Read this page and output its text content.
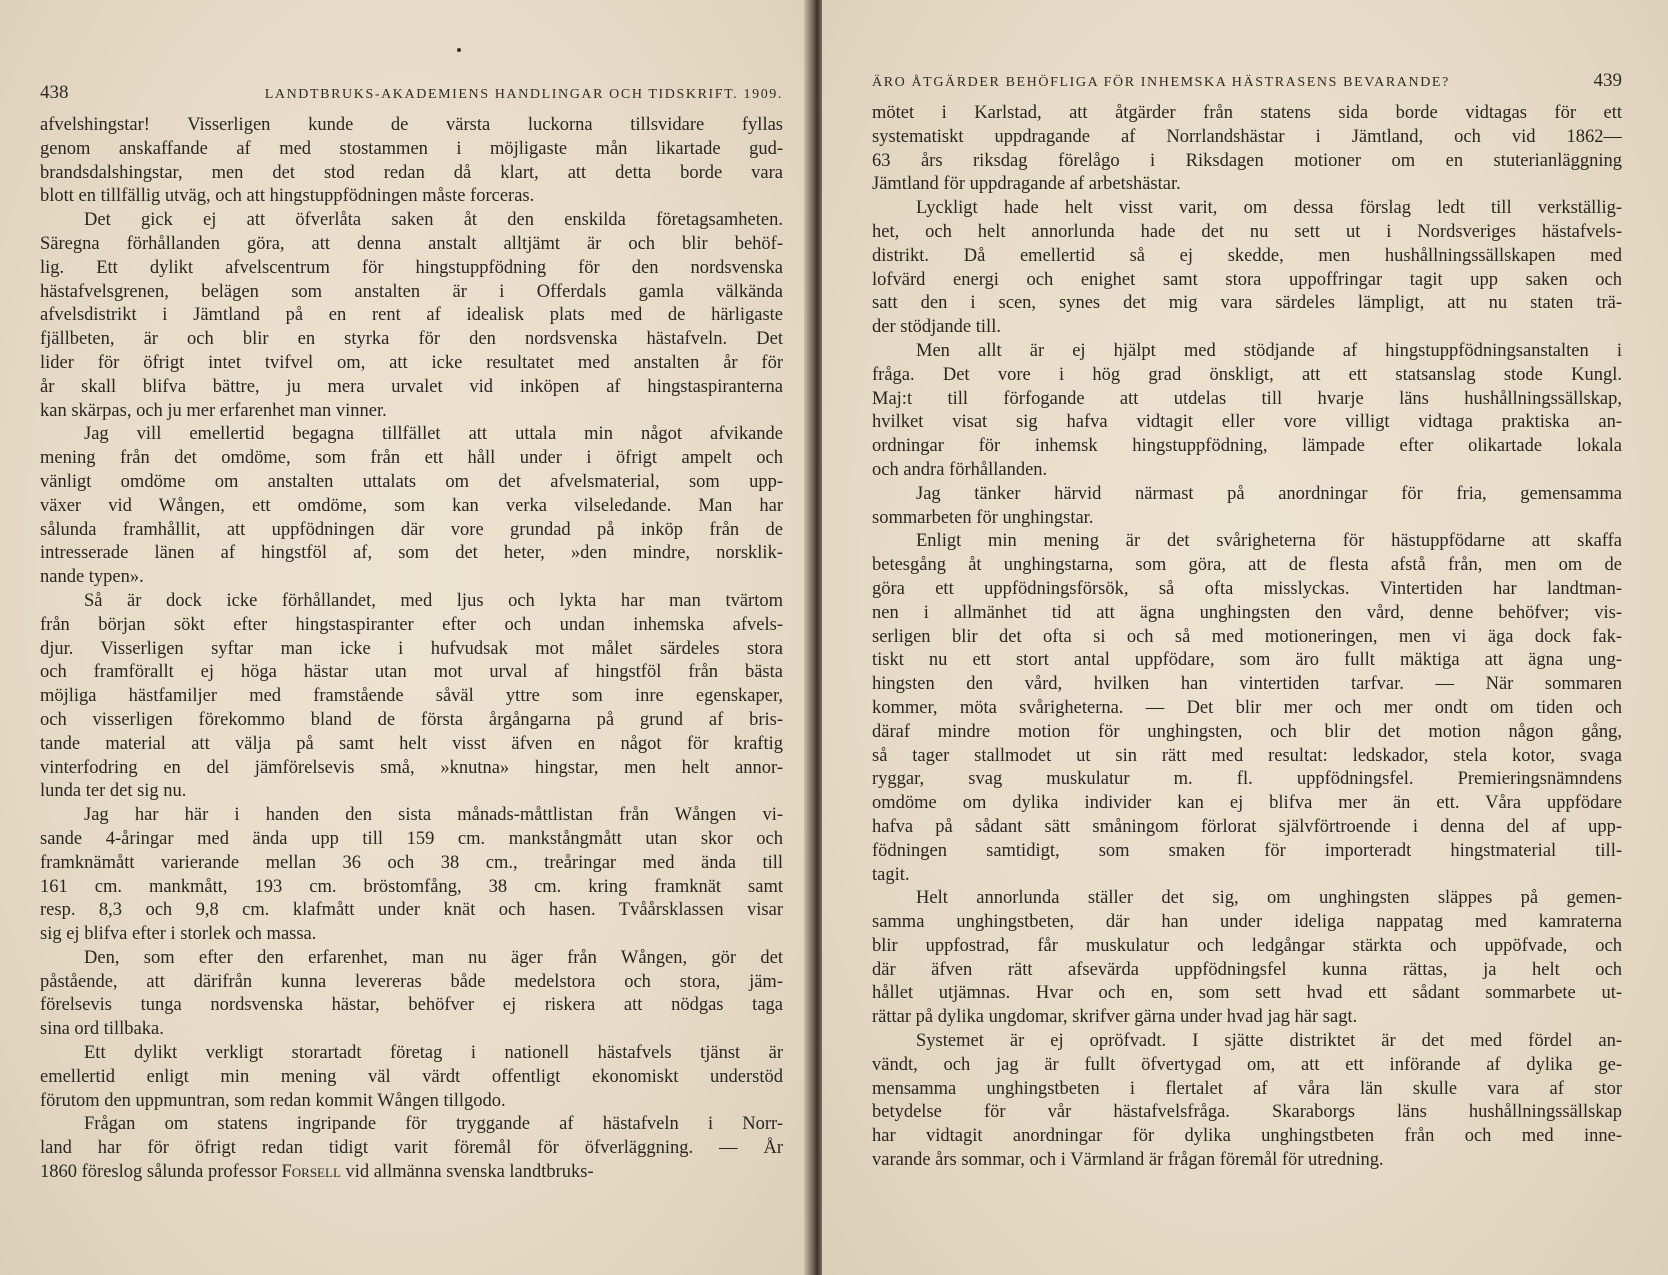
438	LANDTBRUKS-AKADEMIENS HANDLINGAR OCH TIDSKRIFT. 1909.
afvelshingstar! Visserligen kunde de värsta luckorna tillsvidare fyllas
genom anskaffande af med stostammen i möjligaste mån likartade gud-
brandsdalshingstar, men det stod redan då klart, att detta borde vara
blott en tillfällig utväg, och att hingstuppfödningen måste forceras.
Det gick ej att öfverlåta saken åt den enskilda företagsamheten.
Säregna förhållanden göra, att denna anstalt alltjämt är och blir behöf-
lig. Ett dylikt afvelscentrum för hingstuppfödning för den nordsvenska
hästafvelsgrenen, belägen som anstalten är i Offerdals gamla välkända
afvelsdistrikt i Jämtland på en rent af idealisk plats med de härligaste
fjällbeten, är och blir en styrka för den nordsvenska hästafveln. Det
lider för öfrigt intet tvifvel om, att icke resultatet med anstalten år för
år skall blifva bättre, ju mera urvalet vid inköpen af hingstaspiranterna
kan skärpas, och ju mer erfarenhet man vinner.
Jag vill emellertid begagna tillfället att uttala min något afvikande
mening från det omdöme, som från ett håll under i öfrigt ampelt och
vänligt omdöme om anstalten uttalats om det afvelsmaterial, som upp-
växer vid Wången, ett omdöme, som kan verka vilseledande. Man har
sålunda framhållit, att uppfödningen där vore grundad på inköp från de
intresserade länen af hingstföl af, som det heter, »den mindre, norsklik-
nande typen».
Så är dock icke förhållandet, med ljus och lykta har man tvärtom
från början sökt efter hingstaspiranter efter och undan inhemska afvels-
djur. Visserligen syftar man icke i hufvudsak mot målet särdeles stora
och framförallt ej höga hästar utan mot urval af hingstföl från bästa
möjliga hästfamiljer med framstående såväl yttre som inre egenskaper,
och visserligen förekommo bland de första årgångarna på grund af bris-
tande material att välja på samt helt visst äfven en något för kraftig
vinterfodring en del jämförelsevis små, »knutna» hingstar, men helt annor-
lunda ter det sig nu.
Jag har här i handen den sista månads-måttlistan från Wången vi-
sande 4-åringar med ända upp till 159 cm. mankstångmått utan skor och
framknämått varierande mellan 36 och 38 cm., treåringar med ända till
161 cm. mankmått, 193 cm. bröstomfång, 38 cm. kring framknät samt
resp. 8,3 och 9,8 cm. klafmått under knät och hasen. Tvåårsklassen visar
sig ej blifva efter i storlek och massa.
Den, som efter den erfarenhet, man nu äger från Wången, gör det
påstående, att därifrån kunna levereras både medelstora och stora, jäm-
förelsevis tunga nordsvenska hästar, behöfver ej riskera att nödgas taga
sina ord tillbaka.
Ett dylikt verkligt storartadt företag i nationell hästafvels tjänst är
emellertid enligt min mening väl värdt offentligt ekonomiskt understöd
förutom den uppmuntran, som redan kommit Wången tillgodo.
Frågan om statens ingripande för tryggande af hästafveln i Norr-
land har för öfrigt redan tidigt varit föremål för öfverläggning. — År
1860 föreslog sålunda professor Forsell vid allmänna svenska landtbruks-
ÄRO ÅTGÄRDER BEHÖFLIGA FÖR INHEMSKA HÄSTRASENS BEVARANDE?	439
mötet i Karlstad, att åtgärder från statens sida borde vidtagas för ett
systematiskt uppdragande af Norrlandshästar i Jämtland, och vid 1862—
63 års riksdag förelågo i Riksdagen motioner om en stuterianläggning
Jämtland för uppdragande af arbetshästar.
Lyckligt hade helt visst varit, om dessa förslag ledt till verkställig-
het, och helt annorlunda hade det nu sett ut i Nordsveriges hästafvels-
distrikt. Då emellertid så ej skedde, men hushållningssällskapen med
lofvärd energi och enighet samt stora uppoffringar tagit upp saken och
satt den i scen, synes det mig vara särdeles lämpligt, att nu staten trä-
der stödjande till.
Men allt är ej hjälpt med stödjande af hingstuppfödningsanstalten i
fråga. Det vore i hög grad önskligt, att ett statsanslag stode Kungl.
Maj:t till förfogande att utdelas till hvarje läns hushållningssällskap,
hvilket visat sig hafva vidtagit eller vore villigt vidtaga praktiska an-
ordningar för inhemsk hingstuppfödning, lämpade efter olikartade lokala
och andra förhållanden.
Jag tänker härvid närmast på anordningar för fria, gemensamma
sommarbeten för unghingstar.
Enligt min mening är det svårigheterna för hästuppfödarne att skaffa
betesgång åt unghingstarna, som göra, att de flesta afstå från, men om de
göra ett uppfödningsförsök, så ofta misslyckas. Vintertiden har landtman-
nen i allmänhet tid att ägna unghingsten den vård, denne behöfver; vis-
serligen blir det ofta si och så med motioneringen, men vi äga dock fak-
tiskt nu ett stort antal uppfödare, som äro fullt mäktiga att ägna ung-
hingsten den vård, hvilken han vintertiden tarfvar. — När sommaren
kommer, möta svårigheterna. — Det blir mer och mer ondt om tiden och
däraf mindre motion för unghingsten, och blir det motion någon gång,
så tager stallmodet ut sin rätt med resultat: ledskador, stela kotor, svaga
ryggar, svag muskulatur m. fl. uppfödningsfel. Premieringsnämndens
omdöme om dylika individer kan ej blifva mer än ett. Våra uppfödare
hafva på sådant sätt småningom förlorat självförtroende i denna del af upp-
födningen samtidigt, som smaken för importeradt hingstmaterial till-
tagit.
Helt annorlunda ställer det sig, om unghingsten släppes på gemen-
samma unghingstbeten, där han under ideliga nappatag med kamraterna
blir uppfostrad, får muskulatur och ledgångar stärkta och uppöfvade, och
där äfven rätt afsevärda uppfödningsfel kunna rättas, ja helt och
hållet utjämnas. Hvar och en, som sett hvad ett sådant sommarbete ut-
rättar på dylika ungdomar, skrifver gärna under hvad jag här sagt.
Systemet är ej opröfvadt. I sjätte distriktet är det med fördel an-
vändt, och jag är fullt öfvertygad om, att ett införande af dylika ge-
mensamma unghingstbeten i flertalet af våra län skulle vara af stor
betydelse för vår hästafvelsfråga. Skaraborgs läns hushållningssällskap
har vidtagit anordningar för dylika unghingstbeten från och med inne-
varande års sommar, och i Värmland är frågan föremål för utredning.
